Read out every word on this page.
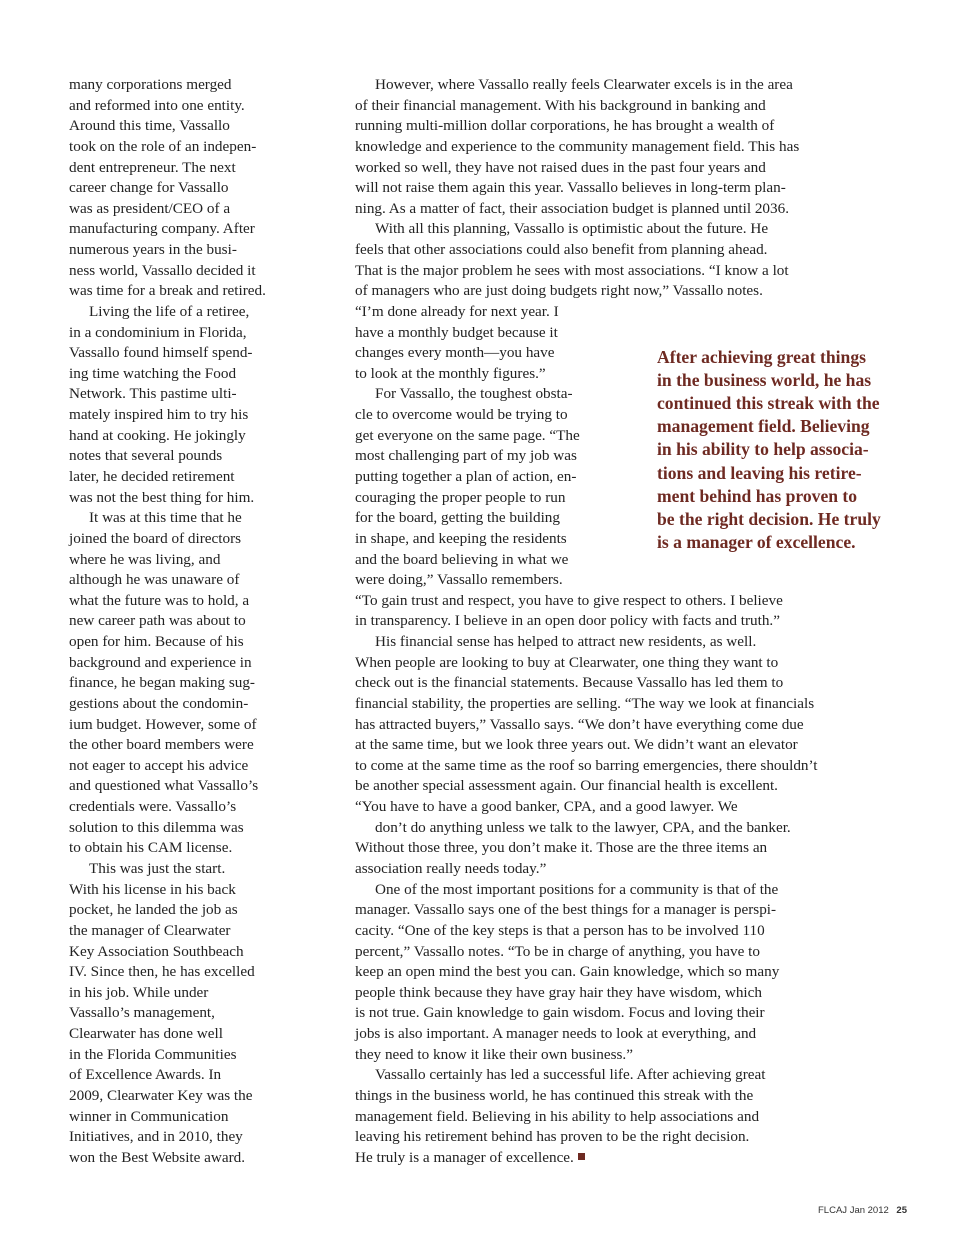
many corporations merged
and reformed into one entity.
Around this time, Vassallo
took on the role of an indepen-
dent entrepreneur. The next
career change for Vassallo
was as president/CEO of a
manufacturing company. After
numerous years in the busi-
ness world, Vassallo decided it
was time for a break and retired.
Living the life of a retiree,
in a condominium in Florida,
Vassallo found himself spend-
ing time watching the Food
Network. This pastime ulti-
mately inspired him to try his
hand at cooking. He jokingly
notes that several pounds
later, he decided retirement
was not the best thing for him.
It was at this time that he
joined the board of directors
where he was living, and
although he was unaware of
what the future was to hold, a
new career path was about to
open for him. Because of his
background and experience in
finance, he began making sug-
gestions about the condomin-
ium budget. However, some of
the other board members were
not eager to accept his advice
and questioned what Vassallo’s
credentials were. Vassallo’s
solution to this dilemma was
to obtain his CAM license.
This was just the start.
With his license in his back
pocket, he landed the job as
the manager of Clearwater
Key Association Southbeach
IV. Since then, he has excelled
in his job. While under
Vassallo’s management,
Clearwater has done well
in the Florida Communities
of Excellence Awards. In
2009, Clearwater Key was the
winner in Communication
Initiatives, and in 2010, they
won the Best Website award.
However, where Vassallo really feels Clearwater excels is in the area
of their financial management. With his background in banking and
running multi-million dollar corporations, he has brought a wealth of
knowledge and experience to the community management field. This has
worked so well, they have not raised dues in the past four years and
will not raise them again this year. Vassallo believes in long-term plan-
ning. As a matter of fact, their association budget is planned until 2036.
With all this planning, Vassallo is optimistic about the future. He
feels that other associations could also benefit from planning ahead.
That is the major problem he sees with most associations. “I know a lot
of managers who are just doing budgets right now,” Vassallo notes.
“I’m done already for next year. I
have a monthly budget because it
changes every month—you have
to look at the monthly figures.”
For Vassallo, the toughest obsta-
cle to overcome would be trying to
get everyone on the same page. “The
most challenging part of my job was
putting together a plan of action, en-
couraging the proper people to run
for the board, getting the building
in shape, and keeping the residents
and the board believing in what we
were doing,” Vassallo remembers.
“To gain trust and respect, you have to give respect to others. I believe
in transparency. I believe in an open door policy with facts and truth.”
His financial sense has helped to attract new residents, as well.
When people are looking to buy at Clearwater, one thing they want to
check out is the financial statements. Because Vassallo has led them to
financial stability, the properties are selling. “The way we look at financials
has attracted buyers,” Vassallo says. “We don’t have everything come due
at the same time, but we look three years out. We didn’t want an elevator
to come at the same time as the roof so barring emergencies, there shouldn’t
be another special assessment again. Our financial health is excellent.
“You have to have a good banker, CPA, and a good lawyer. We
don’t do anything unless we talk to the lawyer, CPA, and the banker.
Without those three, you don’t make it. Those are the three items an
association really needs today.”
One of the most important positions for a community is that of the
manager. Vassallo says one of the best things for a manager is perspi-
cacity. “One of the key steps is that a person has to be involved 110
percent,” Vassallo notes. “To be in charge of anything, you have to
keep an open mind the best you can. Gain knowledge, which so many
people think because they have gray hair they have wisdom, which
is not true. Gain knowledge to gain wisdom. Focus and loving their
jobs is also important. A manager needs to look at everything, and
they need to know it like their own business.”
Vassallo certainly has led a successful life. After achieving great
things in the business world, he has continued this streak with the
management field. Believing in his ability to help associations and
leaving his retirement behind has proven to be the right decision.
He truly is a manager of excellence.
After achieving great things
in the business world, he has
continued this streak with the
management field. Believing
in his ability to help associa-
tions and leaving his retire-
ment behind has proven to
be the right decision. He truly
is a manager of excellence.
FLCAJ Jan 2012 25
